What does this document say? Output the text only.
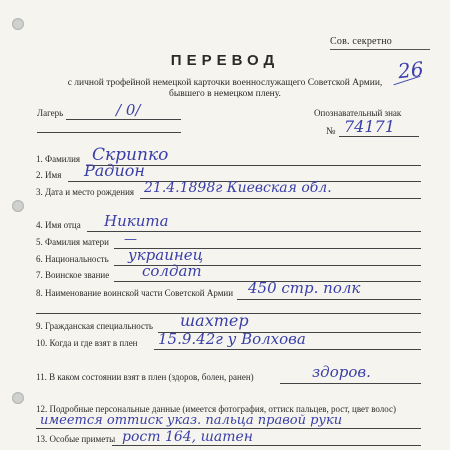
Сов. секретно
26
ПЕРЕВОД
с личной трофейной немецкой карточки военнослужащего Советской Армии,
бывшего в немецком плену.
Лагерь	/ 0/	Опознавательный знак
№ 74171
1. Фамилия Скрипко
2. Имя Радион
3. Дата и место рождения 21.4.1898г Киевская обл.
4. Имя отца Никита
5. Фамилия матери —
6. Национальность украинец
7. Воинское звание солдат
8. Наименование воинской части Советской Армии 450 стр. полк
9. Гражданская специальность шахтер
10. Когда и где взят в плен 15.9.42г у Волхова
11. В каком состоянии взят в плен (здоров, болен, ранен)	здоров.
12. Подробные персональные данные (имеется фотография, оттиск пальцев, рост, цвет волос)
имеется оттиск указ. пальца правой руки
13. Особые приметы рост 164, шатен
